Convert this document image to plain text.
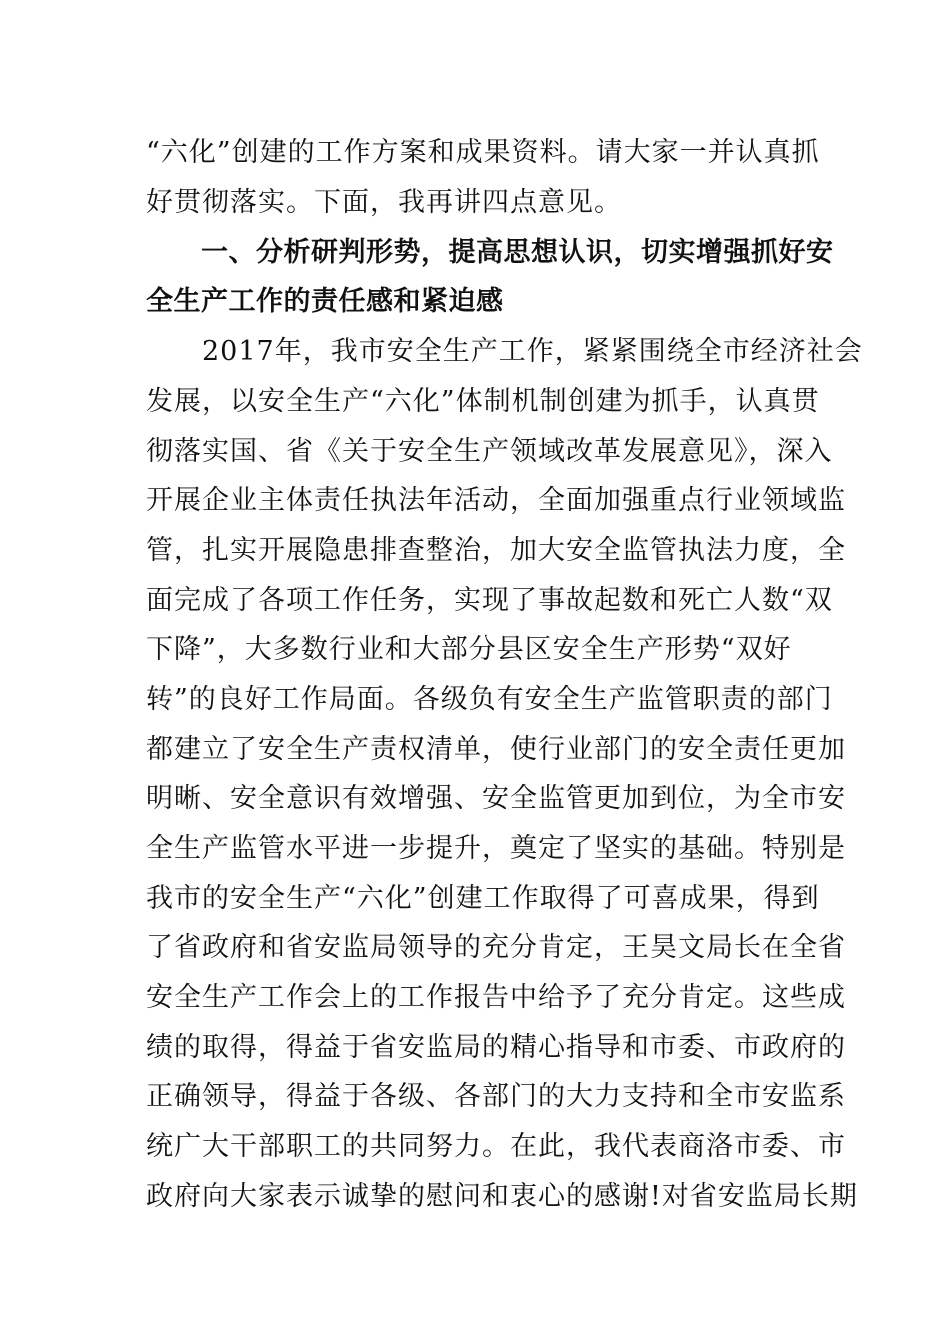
“六化”创建的工作方案和成果资料。请大家一并认真抓
好贯彻落实。下面，我再讲四点意见。
　　一、分析研判形势，提高思想认识，切实增强抓好安
全生产工作的责任感和紧迫感
　　2017年，我市安全生产工作，紧紧围绕全市经济社会
发展，以安全生产“六化”体制机制创建为抓手，认真贯
彻落实国、省《关于安全生产领域改革发展意见》，深入
开展企业主体责任执法年活动，全面加强重点行业领域监
管，扎实开展隐患排查整治，加大安全监管执法力度，全
面完成了各项工作任务，实现了事故起数和死亡人数“双
下降”，大多数行业和大部分县区安全生产形势“双好
转”的良好工作局面。各级负有安全生产监管职责的部门
都建立了安全生产责权清单，使行业部门的安全责任更加
明晰、安全意识有效增强、安全监管更加到位，为全市安
全生产监管水平进一步提升，奠定了坚实的基础。特别是
我市的安全生产“六化”创建工作取得了可喜成果，得到
了省政府和省安监局领导的充分肯定，王昊文局长在全省
安全生产工作会上的工作报告中给予了充分肯定。这些成
绩的取得，得益于省安监局的精心指导和市委、市政府的
正确领导，得益于各级、各部门的大力支持和全市安监系
统广大干部职工的共同努力。在此，我代表商洛市委、市
政府向大家表示诚挚的慰问和衷心的感谢!对省安监局长期
